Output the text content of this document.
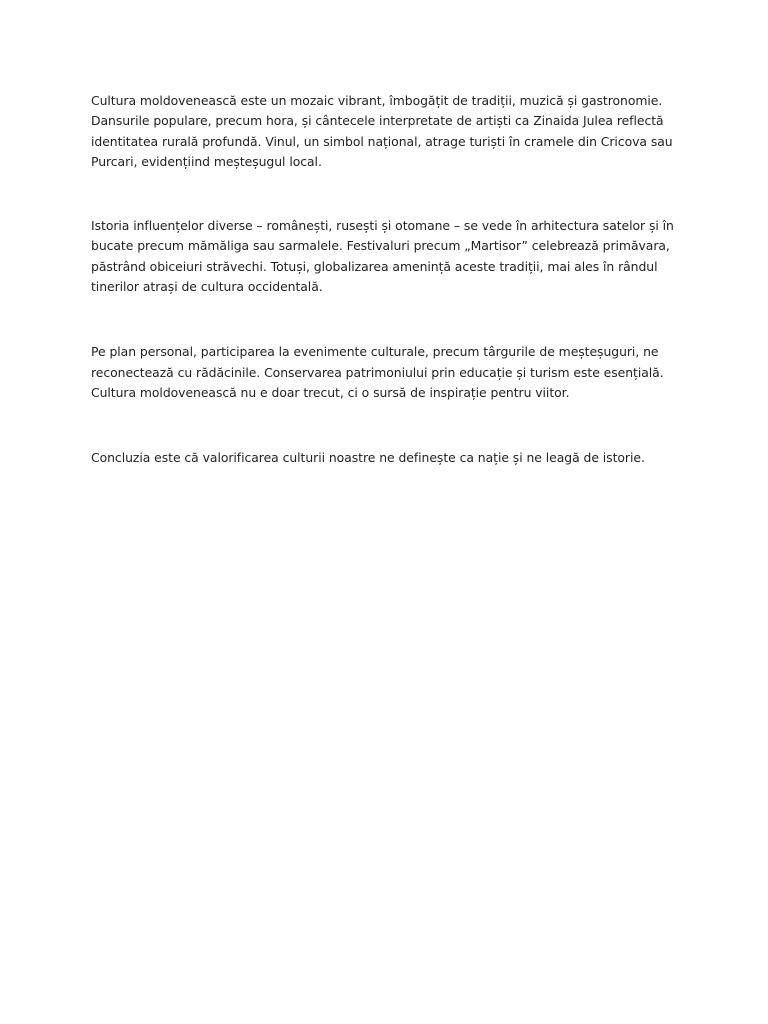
Cultura moldovenească este un mozaic vibrant, îmbogățit de tradiții, muzică și gastronomie. Dansurile populare, precum hora, și cântecele interpretate de artiști ca Zinaida Julea reflectă identitatea rurală profundă. Vinul, un simbol național, atrage turiști în cramele din Cricova sau Purcari, evidențiind meșteșugul local.

Istoria influențelor diverse – românești, rusești și otomane – se vede în arhitectura satelor și în bucate precum mămăliga sau sarmalele. Festivaluri precum „Martisor” celebrează primăvara, păstrând obiceiuri străvechi. Totuși, globalizarea amenință aceste tradiții, mai ales în rândul tinerilor atrași de cultura occidentală.

Pe plan personal, participarea la evenimente culturale, precum târgurile de meșteșuguri, ne reconectează cu rădăcinile. Conservarea patrimoniului prin educație și turism este esențială. Cultura moldovenească nu e doar trecut, ci o sursă de inspirație pentru viitor.

Concluzia este că valorificarea culturii noastre ne definește ca nație și ne leagă de istorie.
